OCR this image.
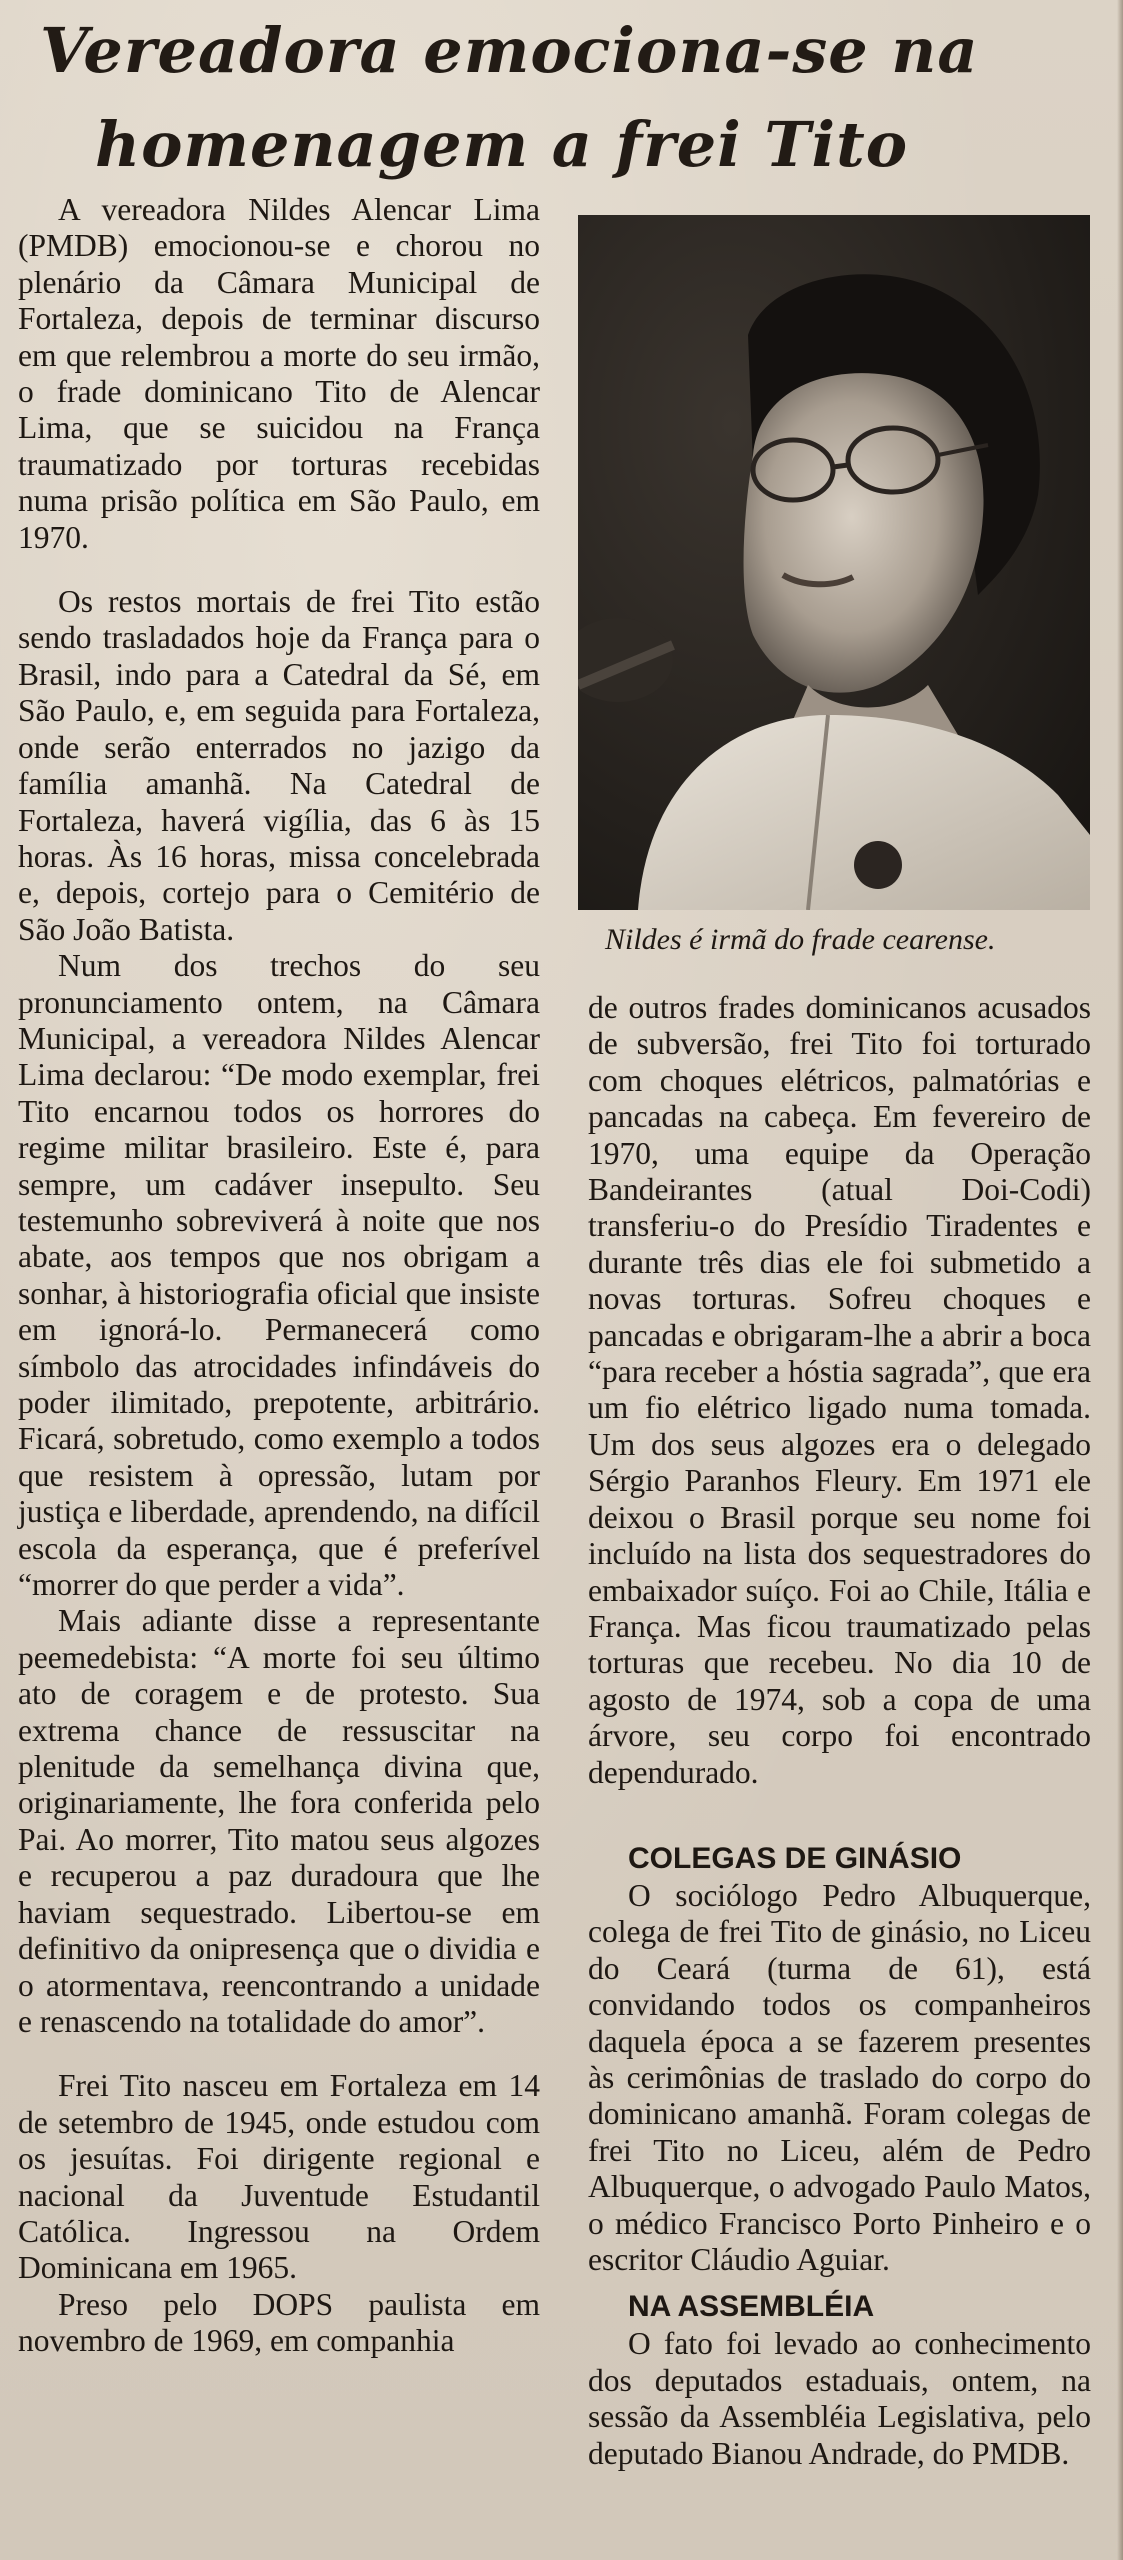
Vereadora emociona-se na
homenagem a frei Tito

A vereadora Nildes Alencar Lima (PMDB) emocionou-se e chorou no plenário da Câmara Municipal de Fortaleza, depois de terminar discurso em que relembrou a morte do seu irmão, o frade dominicano Tito de Alencar Lima, que se suicidou na França traumatizado por torturas recebidas numa prisão política em São Paulo, em 1970.

Os restos mortais de frei Tito estão sendo trasladados hoje da França para o Brasil, indo para a Catedral da Sé, em São Paulo, e, em seguida para Fortaleza, onde serão enterrados no jazigo da família amanhã. Na Catedral de Fortaleza, haverá vigília, das 6 às 15 horas. Às 16 horas, missa concelebrada e, depois, cortejo para o Cemitério de São João Batista.

Num dos trechos do seu pronunciamento ontem, na Câmara Municipal, a vereadora Nildes Alencar Lima declarou: “De modo exemplar, frei Tito encarnou todos os horrores do regime militar brasileiro. Este é, para sempre, um cadáver insepulto. Seu testemunho sobreviverá à noite que nos abate, aos tempos que nos obrigam a sonhar, à historiografia oficial que insiste em ignorá-lo. Permanecerá como símbolo das atrocidades infindáveis do poder ilimitado, prepotente, arbitrário. Ficará, sobretudo, como exemplo a todos que resistem à opressão, lutam por justiça e liberdade, aprendendo, na difícil escola da esperança, que é preferível “morrer do que perder a vida”.

Mais adiante disse a representante peemedebista: “A morte foi seu último ato de coragem e de protesto. Sua extrema chance de ressuscitar na plenitude da semelhança divina que, originariamente, lhe fora conferida pelo Pai. Ao morrer, Tito matou seus algozes e recuperou a paz duradoura que lhe haviam sequestrado. Libertou-se em definitivo da onipresença que o dividia e o atormentava, reencontrando a unidade e renascendo na totalidade do amor”.

Frei Tito nasceu em Fortaleza em 14 de setembro de 1945, onde estudou com os jesuítas. Foi dirigente regional e nacional da Juventude Estudantil Católica. Ingressou na Ordem Dominicana em 1965.

Preso pelo DOPS paulista em novembro de 1969, em companhia

Nildes é irmã do frade cearense.

de outros frades dominicanos acusados de subversão, frei Tito foi torturado com choques elétricos, palmatórias e pancadas na cabeça. Em fevereiro de 1970, uma equipe da Operação Bandeirantes (atual Doi-Codi) transferiu-o do Presídio Tiradentes e durante três dias ele foi submetido a novas torturas. Sofreu choques e pancadas e obrigaram-lhe a abrir a boca “para receber a hóstia sagrada”, que era um fio elétrico ligado numa tomada. Um dos seus algozes era o delegado Sérgio Paranhos Fleury. Em 1971 ele deixou o Brasil porque seu nome foi incluído na lista dos sequestradores do embaixador suíço. Foi ao Chile, Itália e França. Mas ficou traumatizado pelas torturas que recebeu. No dia 10 de agosto de 1974, sob a copa de uma árvore, seu corpo foi encontrado dependurado.

COLEGAS DE GINÁSIO

O sociólogo Pedro Albuquerque, colega de frei Tito de ginásio, no Liceu do Ceará (turma de 61), está convidando todos os companheiros daquela época a se fazerem presentes às cerimônias de traslado do corpo do dominicano amanhã. Foram colegas de frei Tito no Liceu, além de Pedro Albuquerque, o advogado Paulo Matos, o médico Francisco Porto Pinheiro e o escritor Cláudio Aguiar.

NA ASSEMBLÉIA

O fato foi levado ao conhecimento dos deputados estaduais, ontem, na sessão da Assembléia Legislativa, pelo deputado Bianou Andrade, do PMDB.
